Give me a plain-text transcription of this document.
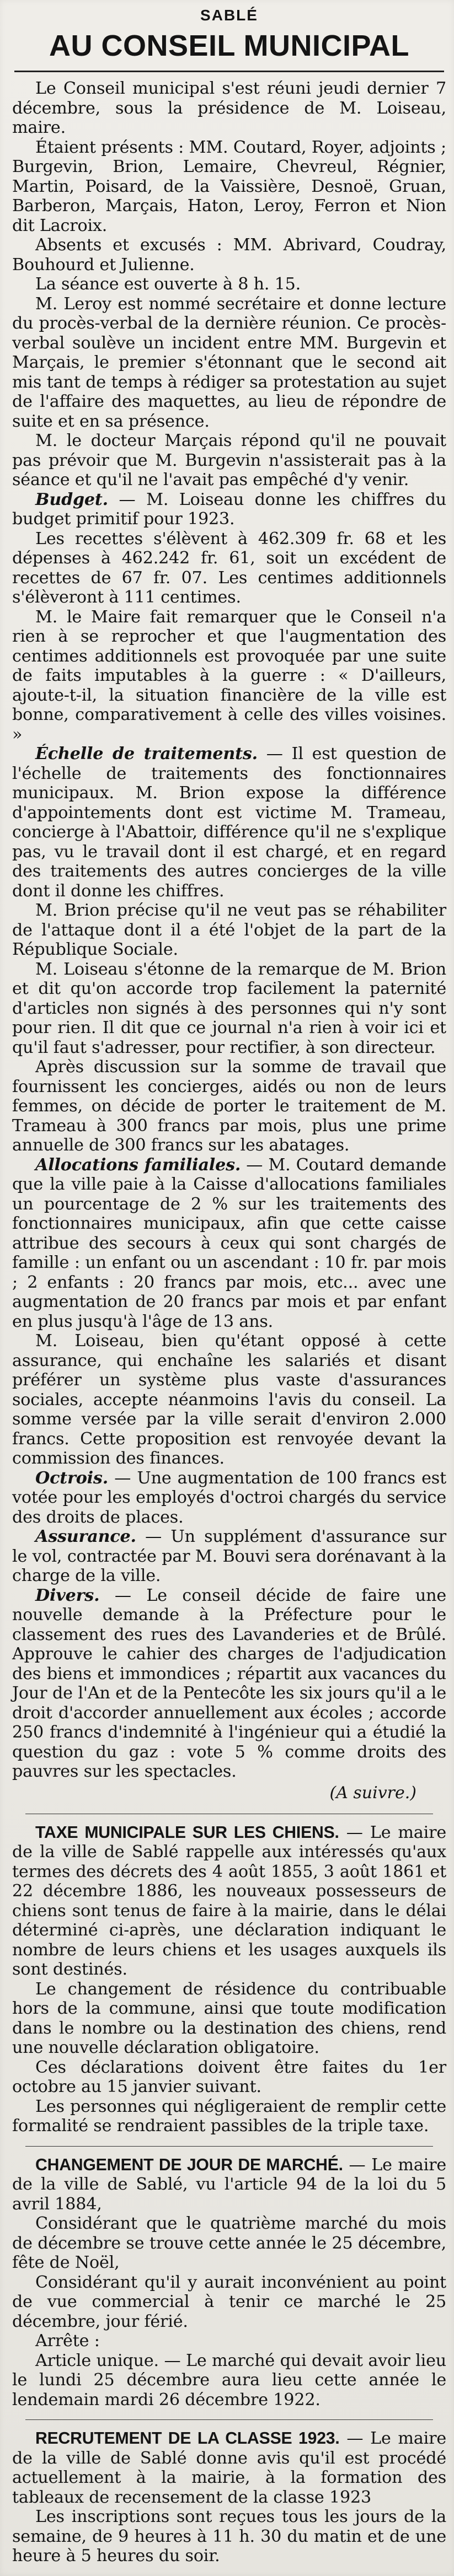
SABLÉ
AU CONSEIL MUNICIPAL

Le Conseil municipal s'est réuni jeudi dernier 7 décembre, sous la présidence de M. Loiseau, maire.

Étaient présents : MM. Coutard, Royer, adjoints ; Burgevin, Brion, Lemaire, Chevreul, Régnier, Martin, Poisard, de la Vaissière, Desnoë, Gruan, Barberon, Marçais, Haton, Leroy, Ferron et Nion dit Lacroix.

Absents et excusés : MM. Abrivard, Coudray, Bouhourd et Julienne.

La séance est ouverte à 8 h. 15.

M. Leroy est nommé secrétaire et donne lecture du procès-verbal de la dernière réunion. Ce procès-verbal soulève un incident entre MM. Burgevin et Marçais, le premier s'étonnant que le second ait mis tant de temps à rédiger sa protestation au sujet de l'affaire des maquettes, au lieu de répondre de suite et en sa présence.

M. le docteur Marçais répond qu'il ne pouvait pas prévoir que M. Burgevin n'assisterait pas à la séance et qu'il ne l'avait pas empêché d'y venir.

Budget. — M. Loiseau donne les chiffres du budget primitif pour 1923.

Les recettes s'élèvent à 462.309 fr. 68 et les dépenses à 462.242 fr. 61, soit un excédent de recettes de 67 fr. 07. Les centimes additionnels s'élèveront à 111 centimes.

M. le Maire fait remarquer que le Conseil n'a rien à se reprocher et que l'augmentation des centimes additionnels est provoquée par une suite de faits imputables à la guerre : « D'ailleurs, ajoute-t-il, la situation financière de la ville est bonne, comparativement à celle des villes voisines. »

Échelle de traitements. — Il est question de l'échelle de traitements des fonctionnaires municipaux. M. Brion expose la différence d'appointements dont est victime M. Trameau, concierge à l'Abattoir, différence qu'il ne s'explique pas, vu le travail dont il est chargé, et en regard des traitements des autres concierges de la ville dont il donne les chiffres.

M. Brion précise qu'il ne veut pas se réhabiliter de l'attaque dont il a été l'objet de la part de la République Sociale.

M. Loiseau s'étonne de la remarque de M. Brion et dit qu'on accorde trop facilement la paternité d'articles non signés à des personnes qui n'y sont pour rien. Il dit que ce journal n'a rien à voir ici et qu'il faut s'adresser, pour rectifier, à son directeur.

Après discussion sur la somme de travail que fournissent les concierges, aidés ou non de leurs femmes, on décide de porter le traitement de M. Trameau à 300 francs par mois, plus une prime annuelle de 300 francs sur les abatages.

Allocations familiales. — M. Coutard demande que la ville paie à la Caisse d'allocations familiales un pourcentage de 2 % sur les traitements des fonctionnaires municipaux, afin que cette caisse attribue des secours à ceux qui sont chargés de famille : un enfant ou un ascendant : 10 fr. par mois ; 2 enfants : 20 francs par mois, etc... avec une augmentation de 20 francs par mois et par enfant en plus jusqu'à l'âge de 13 ans.

M. Loiseau, bien qu'étant opposé à cette assurance, qui enchaîne les salariés et disant préférer un système plus vaste d'assurances sociales, accepte néanmoins l'avis du conseil. La somme versée par la ville serait d'environ 2.000 francs. Cette proposition est renvoyée devant la commission des finances.

Octrois. — Une augmentation de 100 francs est votée pour les employés d'octroi chargés du service des droits de places.

Assurance. — Un supplément d'assurance sur le vol, contractée par M. Bouvi sera dorénavant à la charge de la ville.

Divers. — Le conseil décide de faire une nouvelle demande à la Préfecture pour le classement des rues des Lavanderies et de Brûlé. Approuve le cahier des charges de l'adjudication des biens et immondices ; répartit aux vacances du Jour de l'An et de la Pentecôte les six jours qu'il a le droit d'accorder annuellement aux écoles ; accorde 250 francs d'indemnité à l'ingénieur qui a étudié la question du gaz : vote 5 % comme droits des pauvres sur les spectacles.

(A suivre.)

TAXE MUNICIPALE SUR LES CHIENS. — Le maire de la ville de Sablé rappelle aux intéressés qu'aux termes des décrets des 4 août 1855, 3 août 1861 et 22 décembre 1886, les nouveaux possesseurs de chiens sont tenus de faire à la mairie, dans le délai déterminé ci-après, une déclaration indiquant le nombre de leurs chiens et les usages auxquels ils sont destinés.

Le changement de résidence du contribuable hors de la commune, ainsi que toute modification dans le nombre ou la destination des chiens, rend une nouvelle déclaration obligatoire.

Ces déclarations doivent être faites du 1er octobre au 15 janvier suivant.

Les personnes qui négligeraient de remplir cette formalité se rendraient passibles de la triple taxe.

CHANGEMENT DE JOUR DE MARCHÉ. — Le maire de la ville de Sablé, vu l'article 94 de la loi du 5 avril 1884,

Considérant que le quatrième marché du mois de décembre se trouve cette année le 25 décembre, fête de Noël,

Considérant qu'il y aurait inconvénient au point de vue commercial à tenir ce marché le 25 décembre, jour férié.

Arrête :

Article unique. — Le marché qui devait avoir lieu le lundi 25 décembre aura lieu cette année le lendemain mardi 26 décembre 1922.

RECRUTEMENT DE LA CLASSE 1923. — Le maire de la ville de Sablé donne avis qu'il est procédé actuellement à la mairie, à la formation des tableaux de recensement de la classe 1923

Les inscriptions sont reçues tous les jours de la semaine, de 9 heures à 11 h. 30 du matin et de une heure à 5 heures du soir.
